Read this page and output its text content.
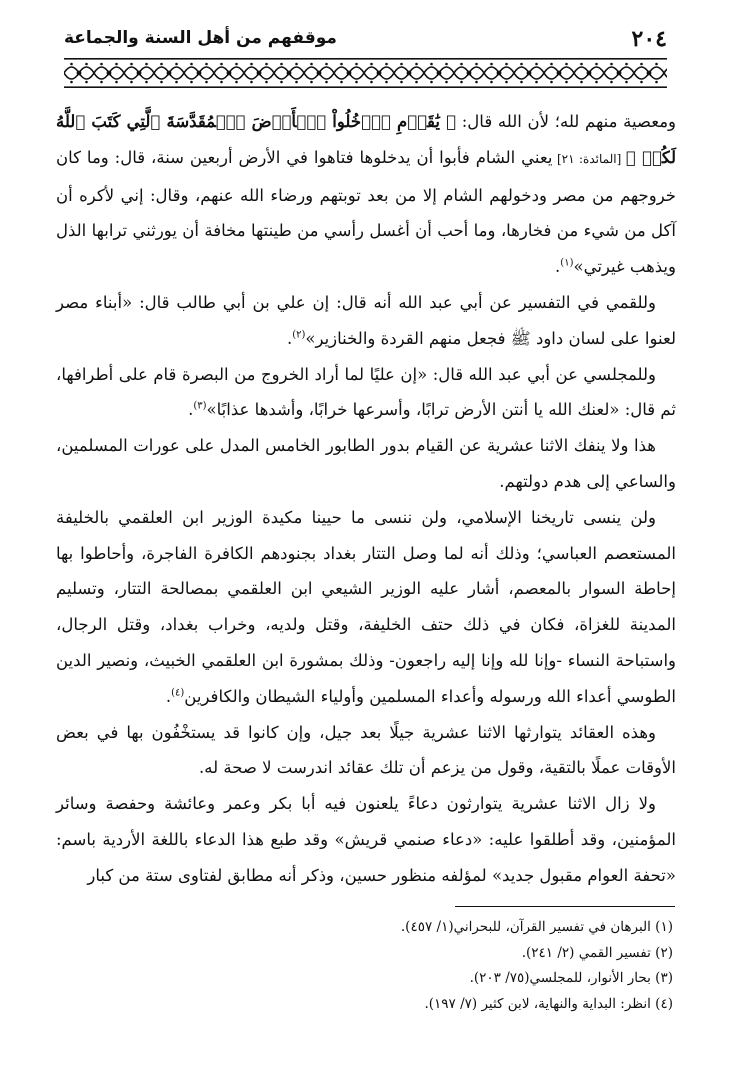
٢٠٤
موقفهم من أهل السنة والجماعة

ومعصية منهم لله؛ لأن الله قال: ﴿ يَٰقَوۡمِ ٱدۡخُلُواْ ٱلۡأَرۡضَ ٱلۡمُقَدَّسَةَ ٱلَّتِي كَتَبَ ٱللَّهُ لَكُمۡ ﴾ [المائدة: ٢١] يعني الشام فأبوا أن يدخلوها فتاهوا في الأرض أربعين سنة، قال: وما كان خروجهم من مصر ودخولهم الشام إلا من بعد توبتهم ورضاء الله عنهم، وقال: إني لأكره أن آكل من شيء من فخارها، وما أحب أن أغسل رأسي من طينتها مخافة أن يورثني ترابها الذل ويذهب غيرتي»$^{(١)}$.

وللقمي في التفسير عن أبي عبد الله أنه قال: إن علي بن أبي طالب قال: «أبناء مصر لعنوا على لسان داود ﷺ فجعل منهم القردة والخنازير»$^{(٢)}$.

وللمجلسي عن أبي عبد الله قال: «إن عليًا لما أراد الخروج من البصرة قام على أطرافها، ثم قال: «لعنك الله يا أنتن الأرض ترابًا، وأسرعها خرابًا، وأشدها عذابًا»$^{(٣)}$.

هذا ولا ينفك الاثنا عشرية عن القيام بدور الطابور الخامس المدل على عورات المسلمين، والساعي إلى هدم دولتهم.

ولن ينسى تاريخنا الإسلامي، ولن ننسى ما حيينا مكيدة الوزير ابن العلقمي بالخليفة المستعصم العباسي؛ وذلك أنه لما وصل التتار بغداد بجنودهم الكافرة الفاجرة، وأحاطوا بها إحاطة السوار بالمعصم، أشار عليه الوزير الشيعي ابن العلقمي بمصالحة التتار، وتسليم المدينة للغزاة، فكان في ذلك حتف الخليفة، وقتل ولديه، وخراب بغداد، وقتل الرجال، واستباحة النساء -وإنا لله وإنا إليه راجعون- وذلك بمشورة ابن العلقمي الخبيث، ونصير الدين الطوسي أعداء الله ورسوله وأعداء المسلمين وأولياء الشيطان والكافرين$^{(٤)}$.

وهذه العقائد يتوارثها الاثنا عشرية جيلًا بعد جيل، وإن كانوا قد يستخْفُون بها في بعض الأوقات عملًا بالتقية، وقول من يزعم أن تلك عقائد اندرست لا صحة له.

ولا زال الاثنا عشرية يتوارثون دعاءً يلعنون فيه أبا بكر وعمر وعائشة وحفصة وسائر المؤمنين، وقد أطلقوا عليه: «دعاء صنمي قريش» وقد طبع هذا الدعاء باللغة الأردية باسم: «تحفة العوام مقبول جديد» لمؤلفه منظور حسين، وذكر أنه مطابق لفتاوى ستة من كبار

(١) البرهان في تفسير القرآن، للبحراني(١/ ٤٥٧).
(٢) تفسير القمي (٢/ ٢٤١).
(٣) بحار الأنوار، للمجلسي(٧٥/ ٢٠٣).
(٤) انظر: البداية والنهاية، لابن كثير (٧/ ١٩٧).
